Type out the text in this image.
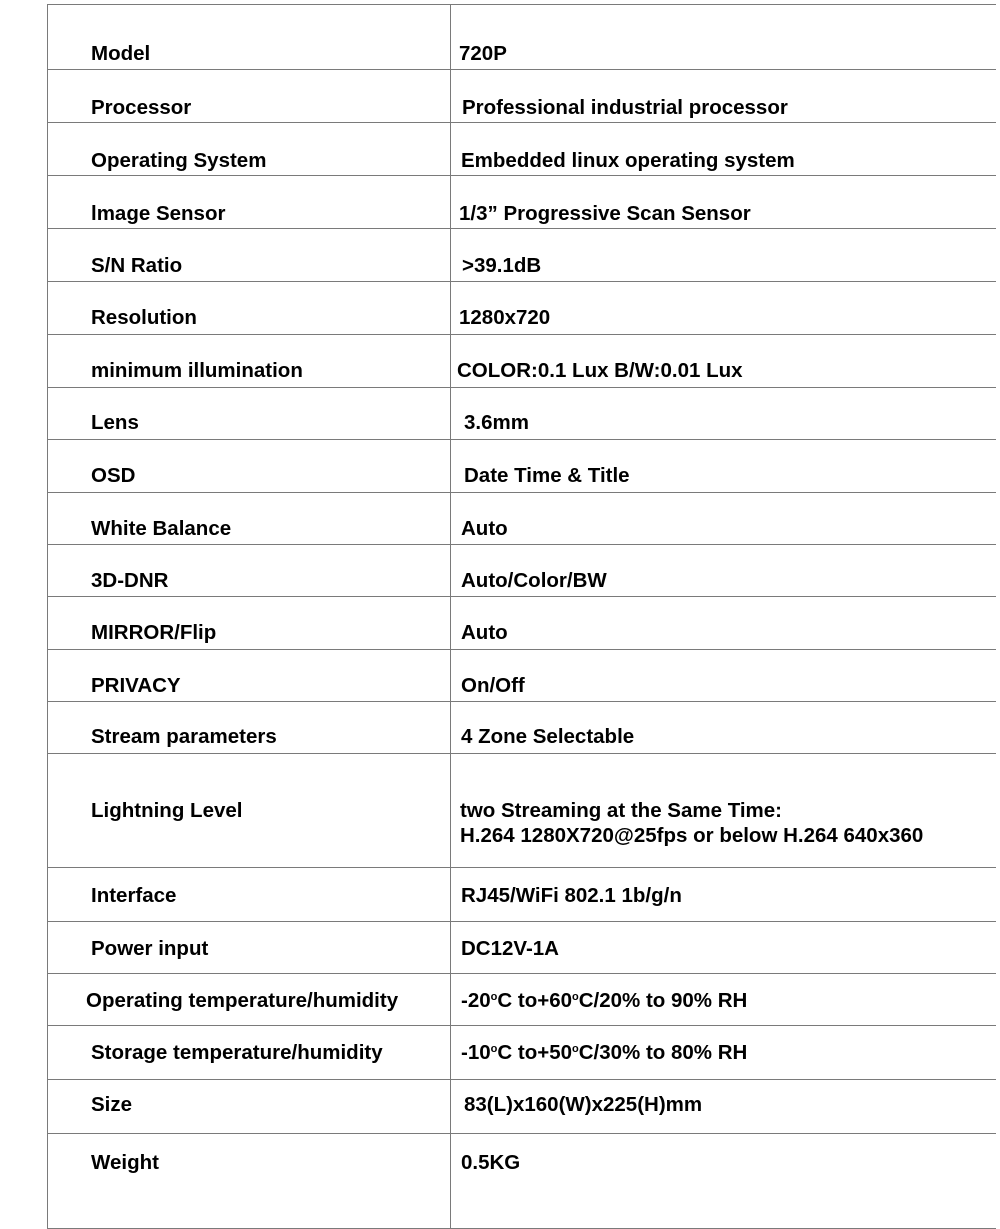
Model	720P
Processor	Professional industrial processor
Operating System	Embedded linux operating system
lmage Sensor	1/3” Progressive Scan Sensor
S/N Ratio	>39.1dB
Resolution	1280x720
minimum illumination	COLOR:0.1 Lux B/W:0.01 Lux
Lens	3.6mm
OSD	Date Time & Title
White Balance	Auto
3D-DNR	Auto/Color/BW
MIRROR/Flip	Auto
PRIVACY	On/Off
Stream parameters	4 Zone Selectable
Lightning Level	two Streaming at the Same Time:
H.264 1280X720@25fps or below H.264 640x360

Interface	RJ45/WiFi 802.1 1b/g/n
Power input	DC12V-1A
Operating temperature/humidity	-20$^o$C $to+60^oC/20\%$ to 90% RH
Storage temperature/humidity	-10$^o$C $to+50^oC/30\%$ to 80% RH
Size	83(L)x160(W)x225(H)mm
Weight	0.5KG
